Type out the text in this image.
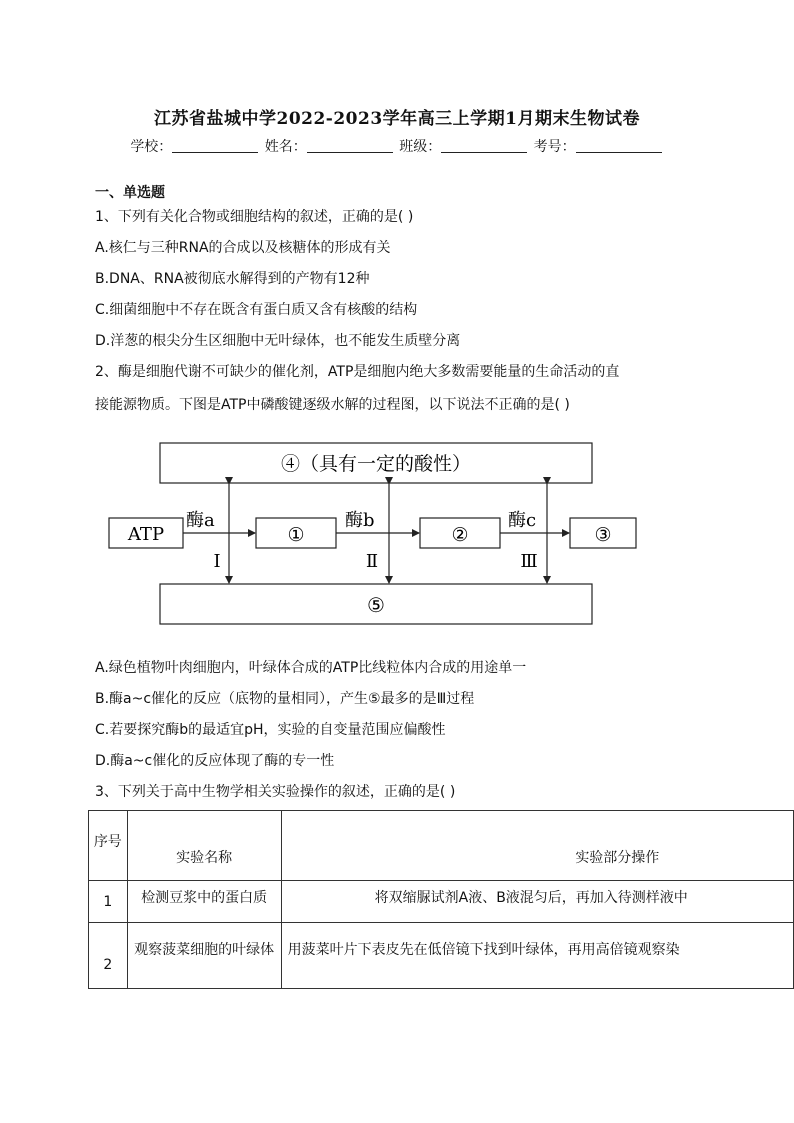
江苏省盐城中学2022-2023学年高三上学期1月期末生物试卷
学校：	姓名：	班级：	考号：
一、单选题
1、下列有关化合物或细胞结构的叙述，正确的是( )
A.核仁与三种RNA的合成以及核糖体的形成有关
B.DNA、RNA被彻底水解得到的产物有12种
C.细菌细胞中不存在既含有蛋白质又含有核酸的结构
D.洋葱的根尖分生区细胞中无叶绿体，也不能发生质壁分离
2、酶是细胞代谢不可缺少的催化剂，ATP是细胞内绝大多数需要能量的生命活动的直
接能源物质。下图是ATP中磷酸键逐级水解的过程图，以下说法不正确的是( )
④（具有一定的酸性）
⑤
ATP	①	②	③
酶a	酶b	酶c
Ⅰ	Ⅱ	Ⅲ
A.绿色植物叶肉细胞内，叶绿体合成的ATP比线粒体内合成的用途单一
B.酶a~c催化的反应（底物的量相同），产生⑤最多的是Ⅲ过程
C.若要探究酶b的最适宜pH，实验的自变量范围应偏酸性
D.酶a~c催化的反应体现了酶的专一性
3、下列关于高中生物学相关实验操作的叙述，正确的是( )
序号	实验名称	实验部分操作
1	检测豆浆中的蛋白质	将双缩脲试剂A液、B液混匀后，再加入待测样液中
2	观察菠菜细胞的叶绿体	用菠菜叶片下表皮先在低倍镜下找到叶绿体，再用高倍镜观察染
